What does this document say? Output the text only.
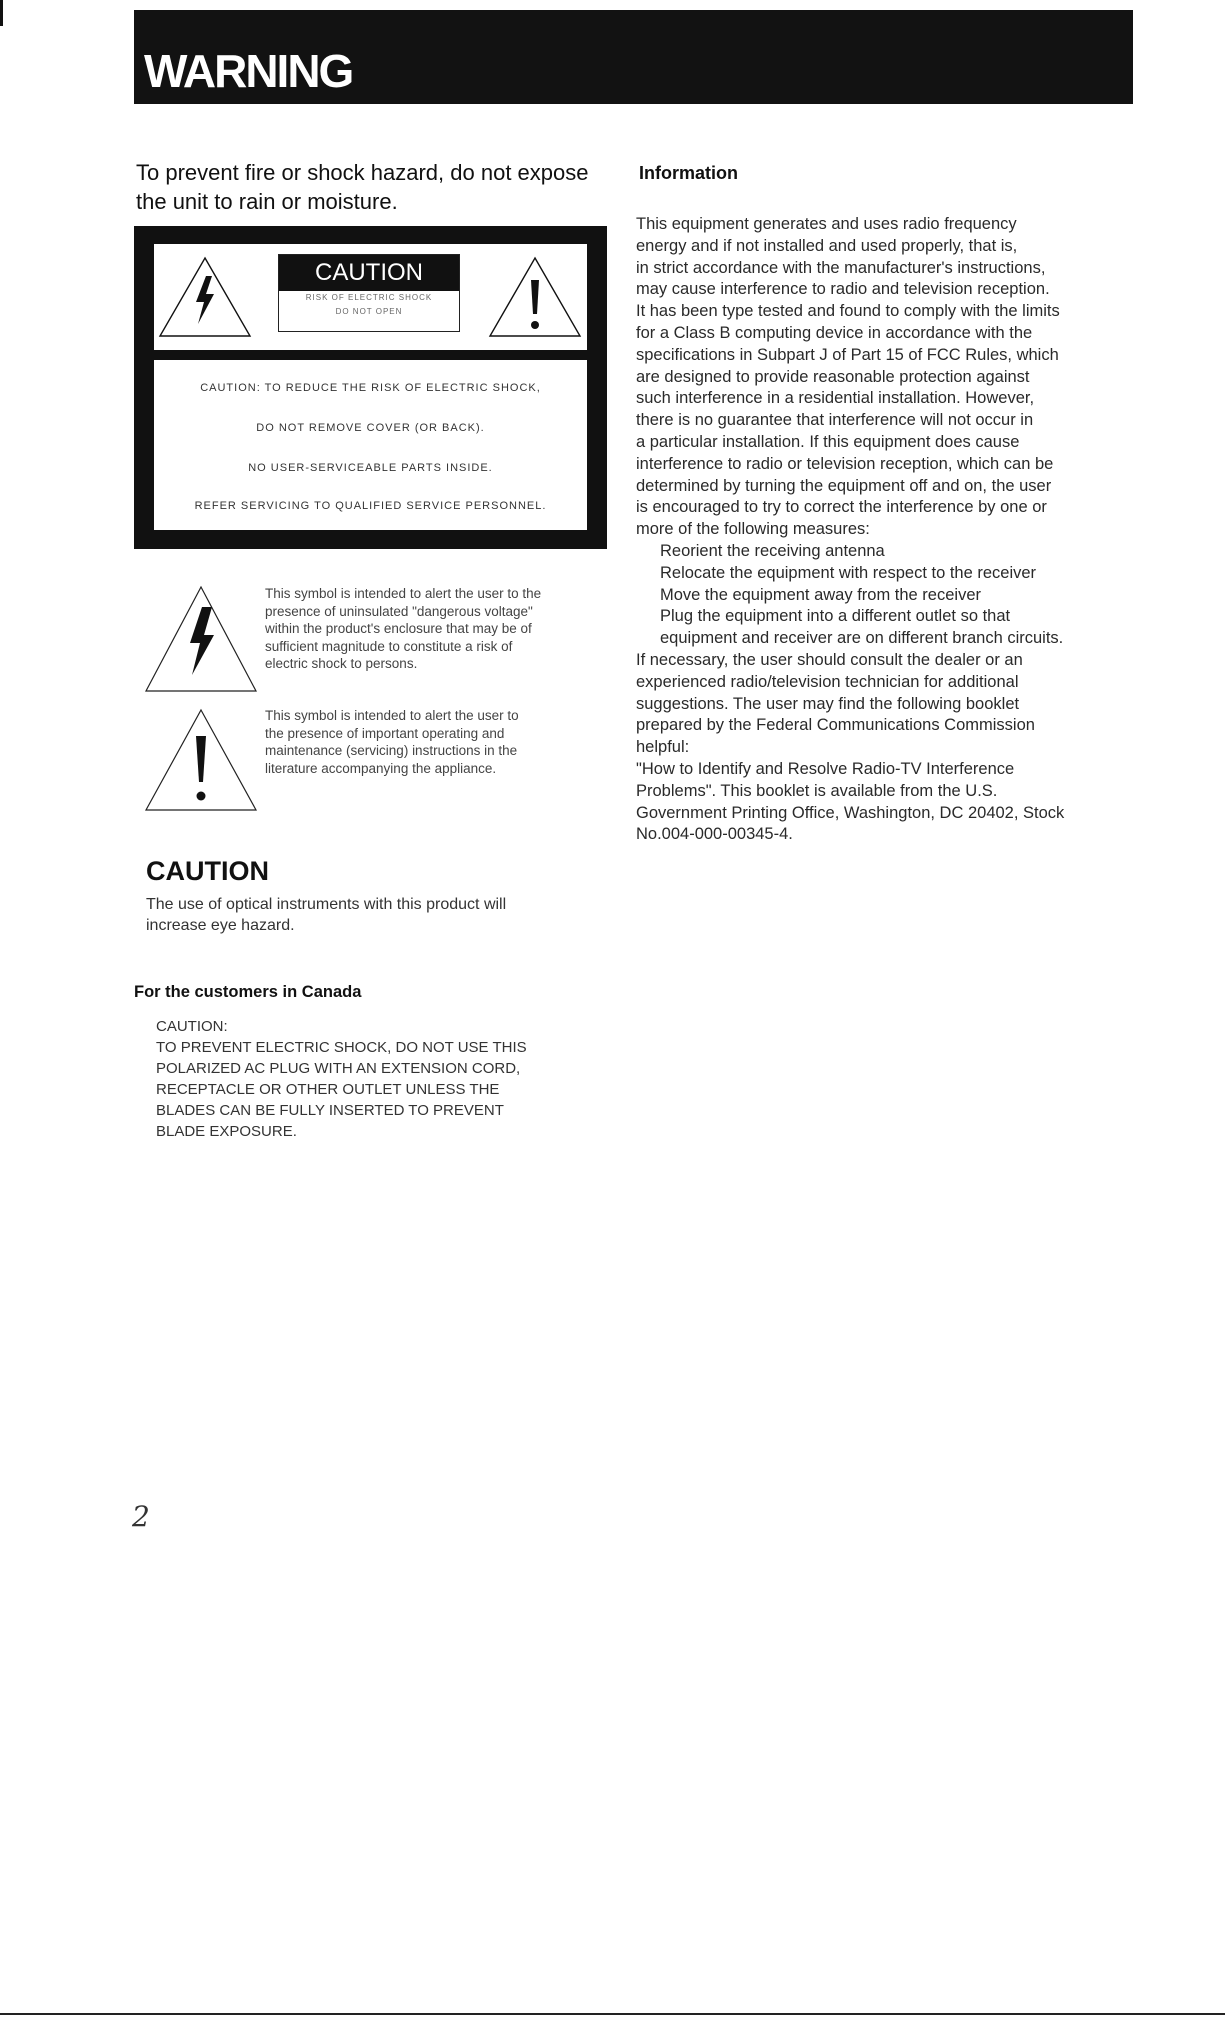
WARNING
To prevent fire or shock hazard, do not expose the unit to rain or moisture.
CAUTION
RISK OF ELECTRIC SHOCK
DO NOT OPEN
CAUTION: TO REDUCE THE RISK OF ELECTRIC SHOCK,
DO NOT REMOVE COVER (OR BACK).
NO USER-SERVICEABLE PARTS INSIDE.
REFER SERVICING TO QUALIFIED SERVICE PERSONNEL.
This symbol is intended to alert the user to the
presence of uninsulated "dangerous voltage"
within the product's enclosure that may be of
sufficient magnitude to constitute a risk of
electric shock to persons.
This symbol is intended to alert the user to
the presence of important operating and
maintenance (servicing) instructions in the
literature accompanying the appliance.
CAUTION
The use of optical instruments with this product will
increase eye hazard.
For the customers in Canada
CAUTION:
TO PREVENT ELECTRIC SHOCK, DO NOT USE THIS
POLARIZED AC PLUG WITH AN EXTENSION CORD,
RECEPTACLE OR OTHER OUTLET UNLESS THE
BLADES CAN BE FULLY INSERTED TO PREVENT
BLADE EXPOSURE.
Information
This equipment generates and uses radio frequency
energy and if not installed and used properly, that is,
in strict accordance with the manufacturer's instructions,
may cause interference to radio and television reception.
It has been type tested and found to comply with the limits
for a Class B computing device in accordance with the
specifications in Subpart J of Part 15 of FCC Rules, which
are designed to provide reasonable protection against
such interference in a residential installation. However,
there is no guarantee that interference will not occur in
a particular installation. If this equipment does cause
interference to radio or television reception, which can be
determined by turning the equipment off and on, the user
is encouraged to try to correct the interference by one or
more of the following measures:
Reorient the receiving antenna
Relocate the equipment with respect to the receiver
Move the equipment away from the receiver
Plug the equipment into a different outlet so that
equipment and receiver are on different branch circuits.
If necessary, the user should consult the dealer or an
experienced radio/television technician for additional
suggestions. The user may find the following booklet
prepared by the Federal Communications Commission
helpful:
"How to Identify and Resolve Radio-TV Interference
Problems". This booklet is available from the U.S.
Government Printing Office, Washington, DC 20402, Stock
No.004-000-00345-4.
2
